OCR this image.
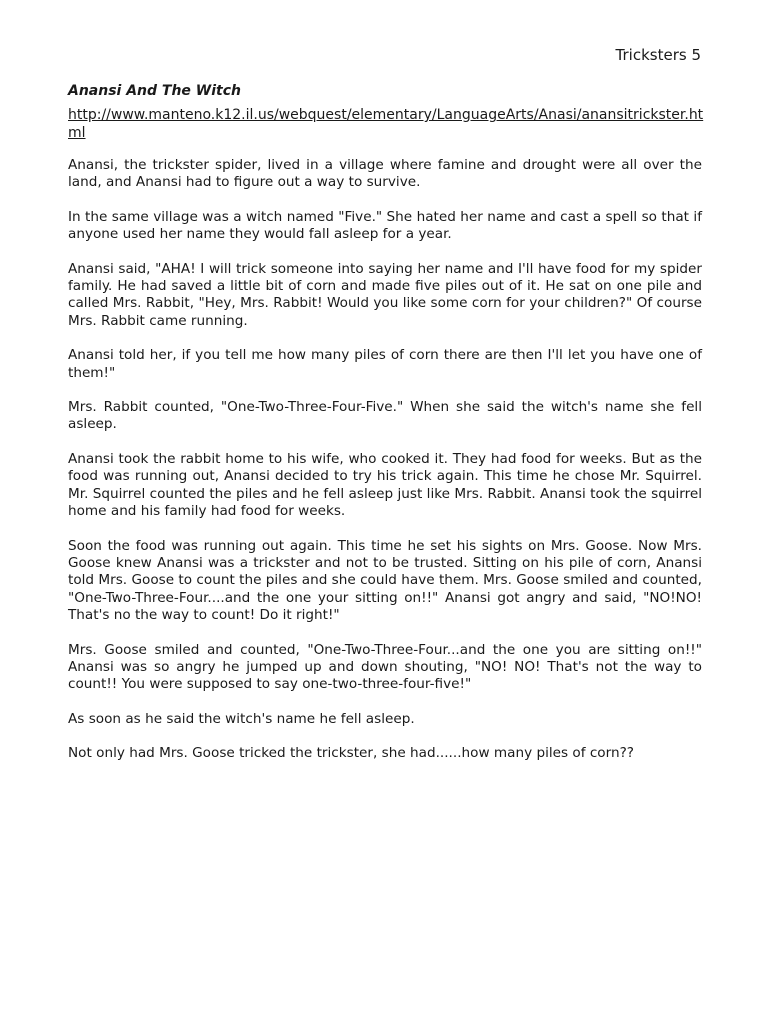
Tricksters 5
Anansi And The Witch
http://www.manteno.k12.il.us/webquest/elementary/LanguageArts/Anasi/anansitrickster.html

Anansi, the trickster spider, lived in a village where famine and drought were all over the land, and Anansi had to figure out a way to survive.

In the same village was a witch named "Five." She hated her name and cast a spell so that if anyone used her name they would fall asleep for a year.

Anansi said, "AHA! I will trick someone into saying her name and I'll have food for my spider family. He had saved a little bit of corn and made five piles out of it. He sat on one pile and called Mrs. Rabbit, "Hey, Mrs. Rabbit! Would you like some corn for your children?" Of course Mrs. Rabbit came running.

Anansi told her, if you tell me how many piles of corn there are then I'll let you have one of them!"

Mrs. Rabbit counted, "One-Two-Three-Four-Five." When she said the witch's name she fell asleep.

Anansi took the rabbit home to his wife, who cooked it. They had food for weeks. But as the food was running out, Anansi decided to try his trick again. This time he chose Mr. Squirrel. Mr. Squirrel counted the piles and he fell asleep just like Mrs. Rabbit. Anansi took the squirrel home and his family had food for weeks.

Soon the food was running out again. This time he set his sights on Mrs. Goose. Now Mrs. Goose knew Anansi was a trickster and not to be trusted. Sitting on his pile of corn, Anansi told Mrs. Goose to count the piles and she could have them. Mrs. Goose smiled and counted, "One-Two-Three-Four....and the one your sitting on!!" Anansi got angry and said, "NO!NO! That's no the way to count! Do it right!"

Mrs. Goose smiled and counted, "One-Two-Three-Four...and the one you are sitting on!!" Anansi was so angry he jumped up and down shouting, "NO! NO! That's not the way to count!! You were supposed to say one-two-three-four-five!"

As soon as he said the witch's name he fell asleep.

Not only had Mrs. Goose tricked the trickster, she had......how many piles of corn??
